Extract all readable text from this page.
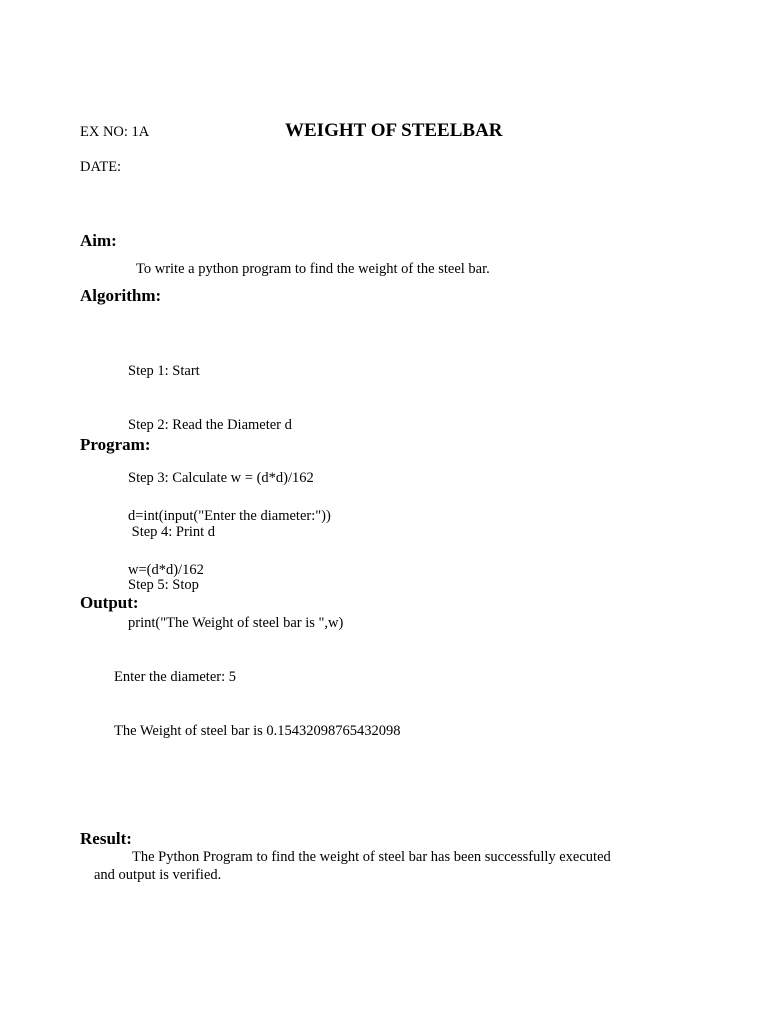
EX NO: 1A	WEIGHT OF STEELBAR
DATE:
Aim:
To write a python program to find the weight of the steel bar.
Algorithm:

Step 1: Start

Step 2: Read the Diameter d

Step 3: Calculate w = (d*d)/162

Step 4: Print d

Step 5: Stop

Program:

d=int(input("Enter the diameter:"))

w=(d*d)/162

print("The Weight of steel bar is ",w)

Output:

Enter the diameter: 5

The Weight of steel bar is 0.15432098765432098

Result:
The Python Program to find the weight of steel bar has been successfully executed
and output is verified.
